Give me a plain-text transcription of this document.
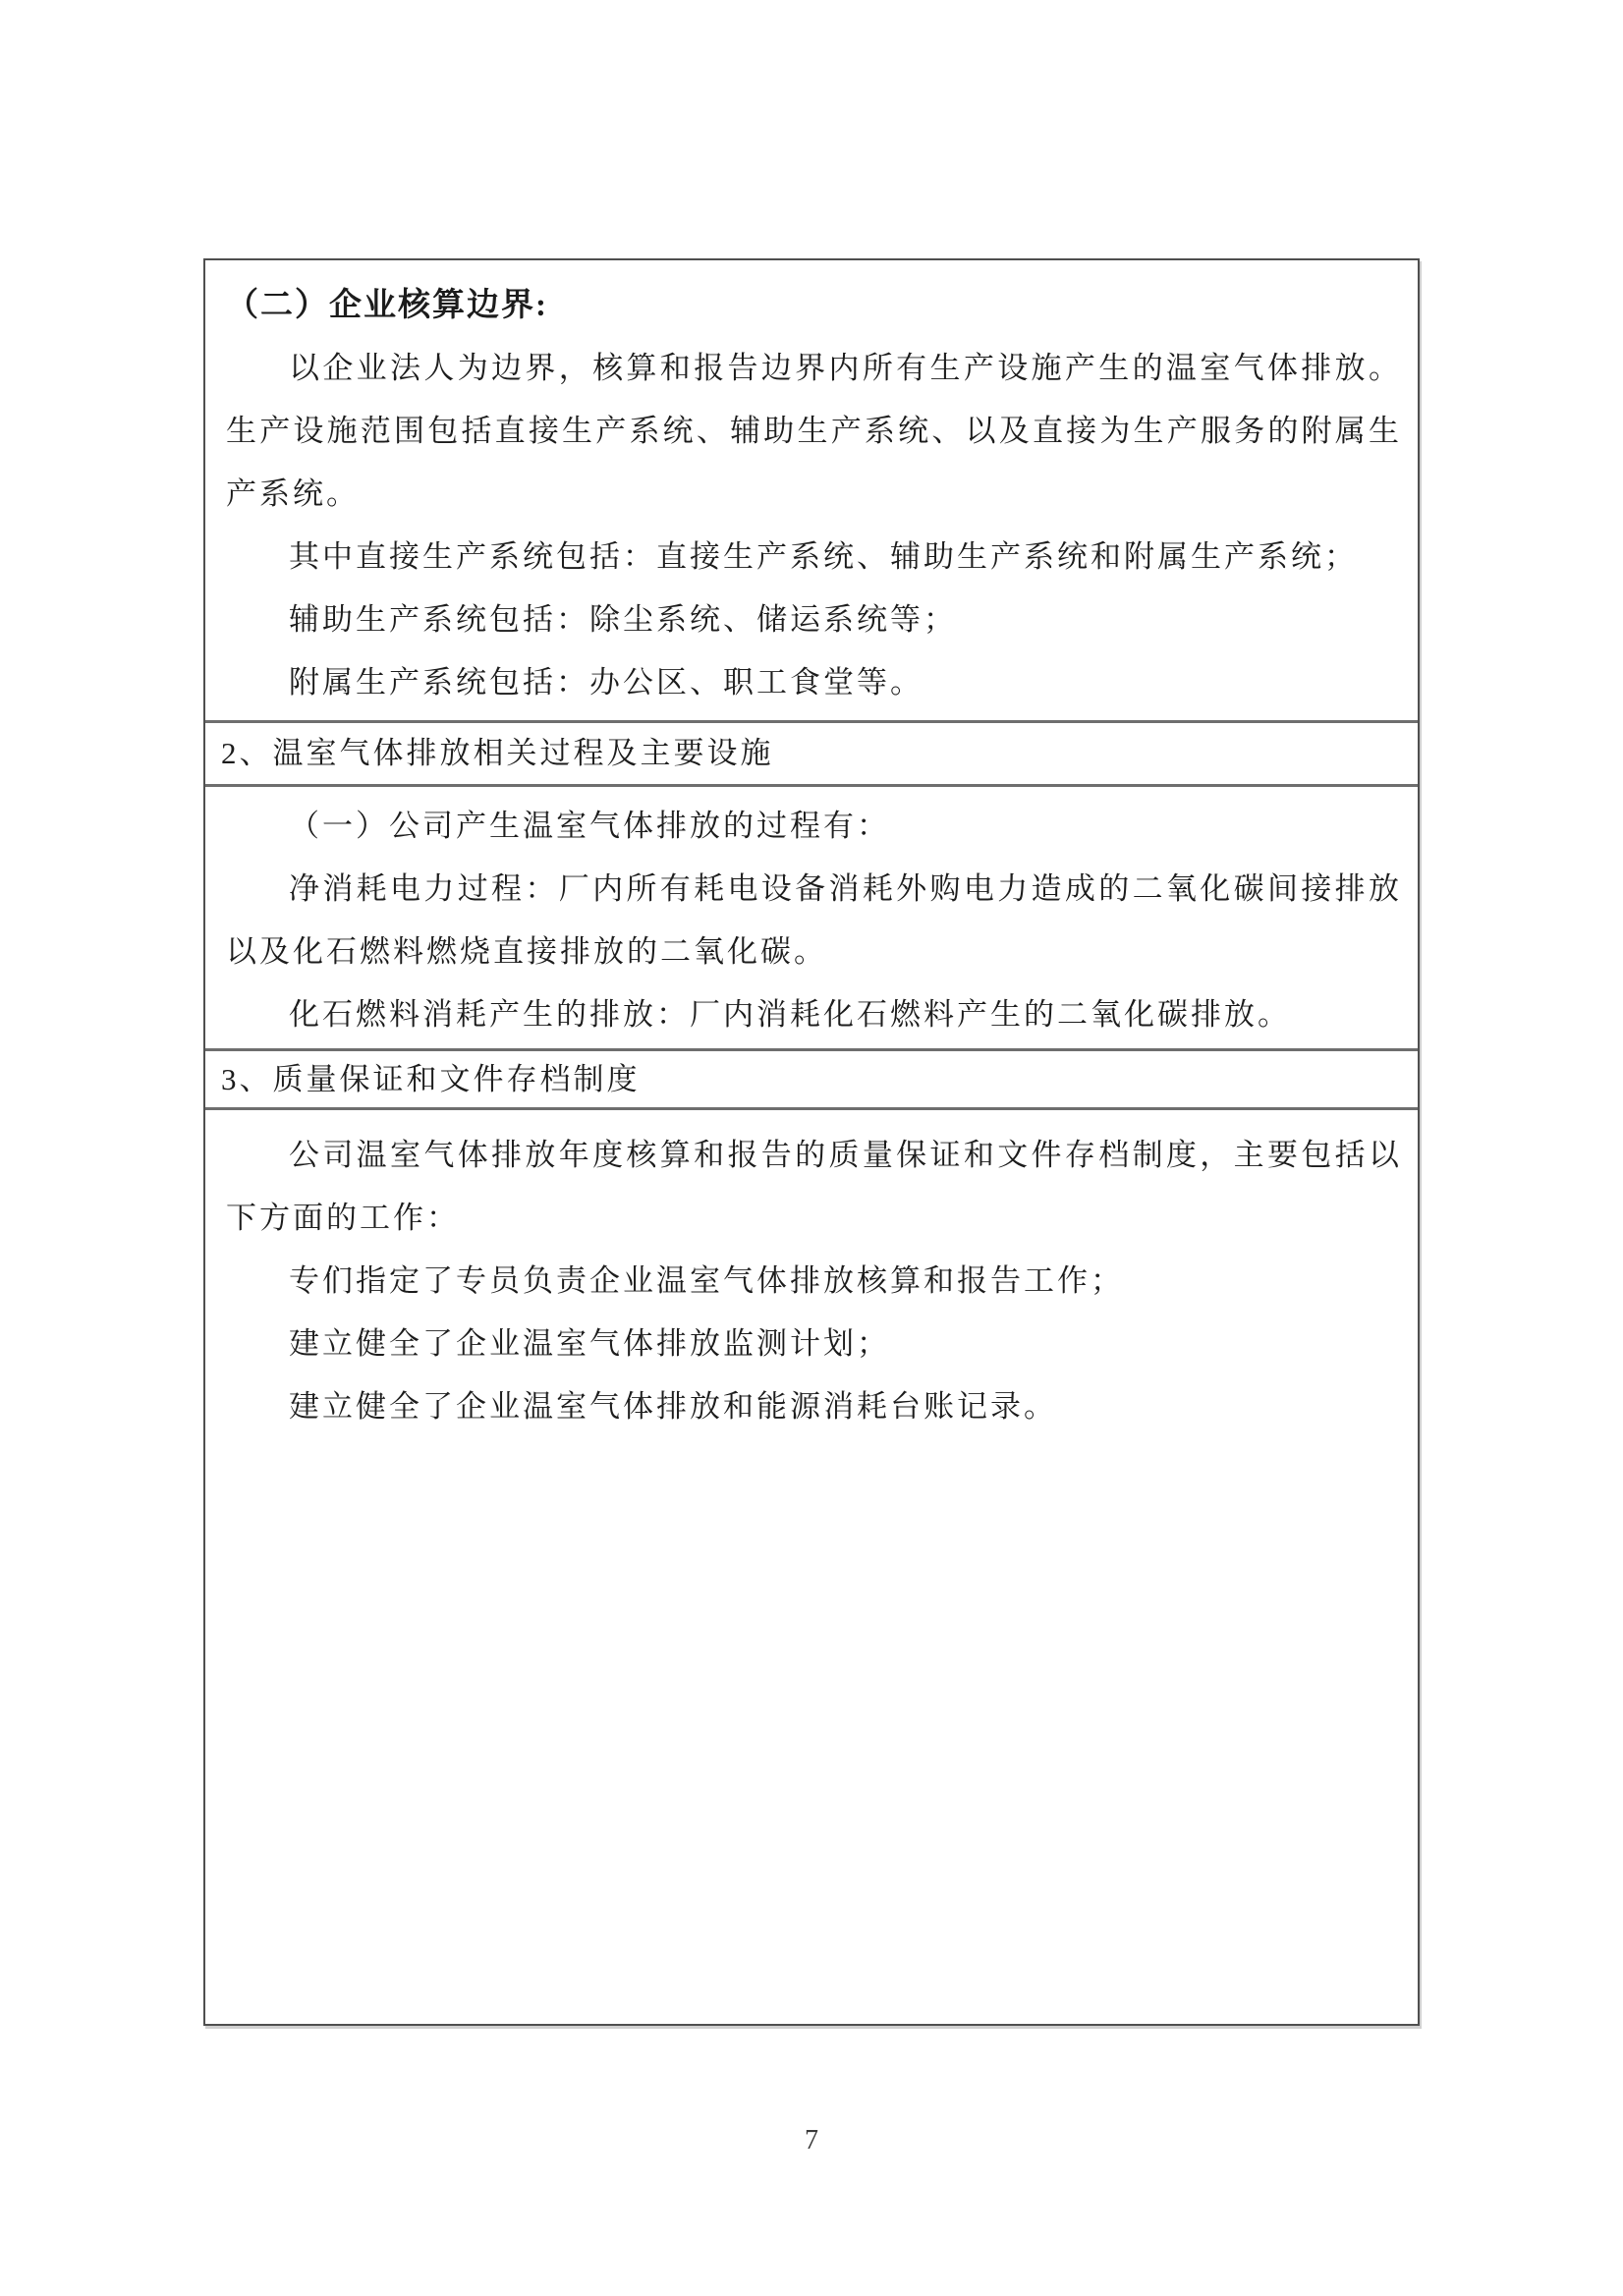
（二）企业核算边界:

以企业法人为边界，核算和报告边界内所有生产设施产生的温室气体排放。生产设施范围包括直接生产系统、辅助生产系统、以及直接为生产服务的附属生产系统。

其中直接生产系统包括：直接生产系统、辅助生产系统和附属生产系统；

辅助生产系统包括：除尘系统、储运系统等；

附属生产系统包括：办公区、职工食堂等。

2、温室气体排放相关过程及主要设施

（一）公司产生温室气体排放的过程有：

净消耗电力过程：厂内所有耗电设备消耗外购电力造成的二氧化碳间接排放以及化石燃料燃烧直接排放的二氧化碳。

化石燃料消耗产生的排放：厂内消耗化石燃料产生的二氧化碳排放。

3、质量保证和文件存档制度

公司温室气体排放年度核算和报告的质量保证和文件存档制度，主要包括以下方面的工作：

专们指定了专员负责企业温室气体排放核算和报告工作；

建立健全了企业温室气体排放监测计划；

建立健全了企业温室气体排放和能源消耗台账记录。

7
